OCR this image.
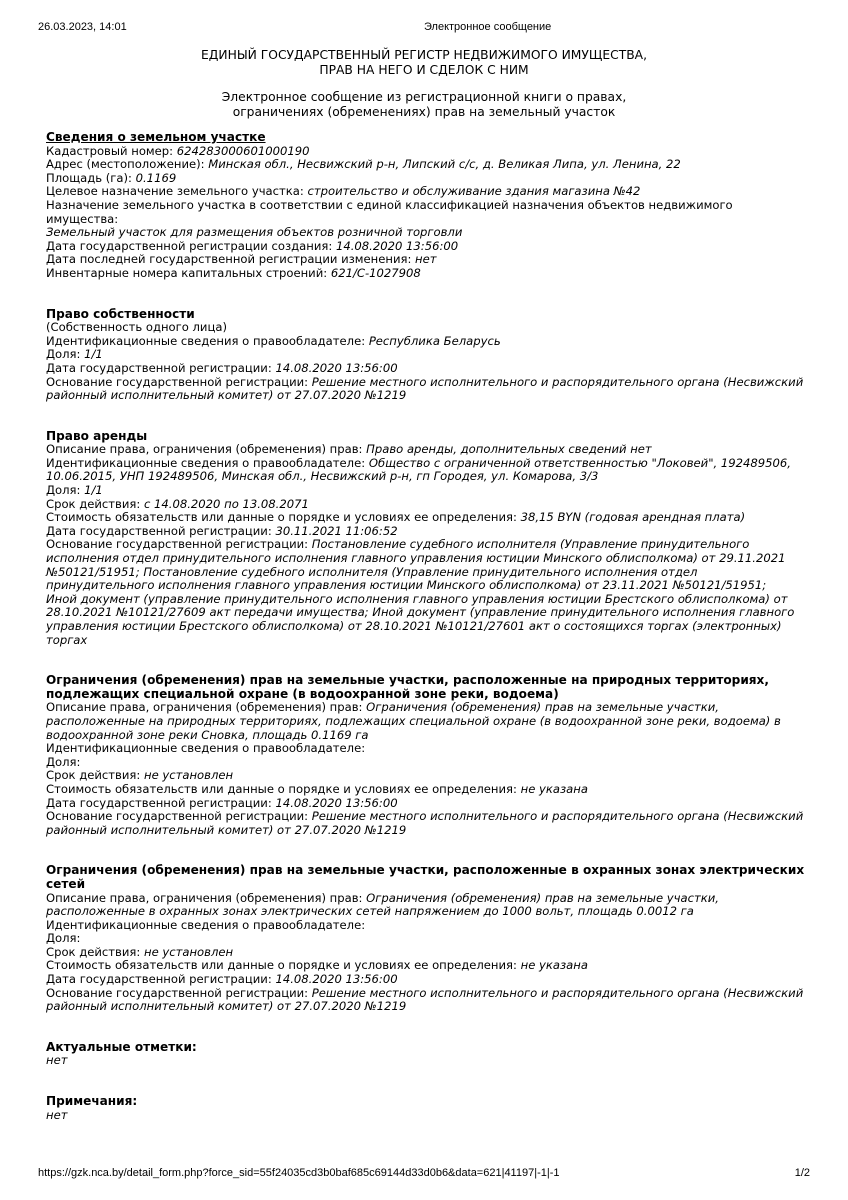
26.03.2023, 14:01	Электронное сообщение
ЕДИНЫЙ ГОСУДАРСТВЕННЫЙ РЕГИСТР НЕДВИЖИМОГО ИМУЩЕСТВА,
ПРАВ НА НЕГО И СДЕЛОК С НИМ
Электронное сообщение из регистрационной книги о правах,
ограничениях (обременениях) прав на земельный участок
Сведения о земельном участке
Кадастровый номер: 624283000601000190
Адрес (местоположение): Минская обл., Несвижский р-н, Липский с/с, д. Великая Липа, ул. Ленина, 22
Площадь (га): 0.1169
Целевое назначение земельного участка: строительство и обслуживание здания магазина №42
Назначение земельного участка в соответствии с единой классификацией назначения объектов недвижимого имущества:
Земельный участок для размещения объектов розничной торговли
Дата государственной регистрации создания: 14.08.2020 13:56:00
Дата последней государственной регистрации изменения: нет
Инвентарные номера капитальных строений: 621/C-1027908
Право собственности
(Собственность одного лица)
Идентификационные сведения о правообладателе: Республика Беларусь
Доля: 1/1
Дата государственной регистрации: 14.08.2020 13:56:00
Основание государственной регистрации: Решение местного исполнительного и распорядительного органа (Несвижский
районный исполнительный комитет) от 27.07.2020 №1219
Право аренды
Описание права, ограничения (обременения) прав: Право аренды, дополнительных сведений нет
Идентификационные сведения о правообладателе: Общество с ограниченной ответственностью "Локовей", 192489506,
10.06.2015, УНП 192489506, Минская обл., Несвижский р-н, гп Городея, ул. Комарова, 3/3
Доля: 1/1
Срок действия: с 14.08.2020 по 13.08.2071
Стоимость обязательств или данные о порядке и условиях ее определения: 38,15 BYN (годовая арендная плата)
Дата государственной регистрации: 30.11.2021 11:06:52
Основание государственной регистрации: Постановление судебного исполнителя (Управление принудительного
исполнения отдел принудительного исполнения главного управления юстиции Минского облисполкома) от 29.11.2021
№50121/51951; Постановление судебного исполнителя (Управление принудительного исполнения отдел
принудительного исполнения главного управления юстиции Минского облисполкома) от 23.11.2021 №50121/51951;
Иной документ (управление принудительного исполнения главного управления юстиции Брестского облисполкома) от
28.10.2021 №10121/27609 акт передачи имущества; Иной документ (управление принудительного исполнения главного
управления юстиции Брестского облисполкома) от 28.10.2021 №10121/27601 акт о состоящихся торгах (электронных)
торгах
Ограничения (обременения) прав на земельные участки, расположенные на природных территориях,
подлежащих специальной охране (в водоохранной зоне реки, водоема)
Описание права, ограничения (обременения) прав: Ограничения (обременения) прав на земельные участки,
расположенные на природных территориях, подлежащих специальной охране (в водоохранной зоне реки, водоема) в
водоохранной зоне реки Сновка, площадь 0.1169 га
Идентификационные сведения о правообладателе:
Доля:
Срок действия: не установлен
Стоимость обязательств или данные о порядке и условиях ее определения: не указана
Дата государственной регистрации: 14.08.2020 13:56:00
Основание государственной регистрации: Решение местного исполнительного и распорядительного органа (Несвижский
районный исполнительный комитет) от 27.07.2020 №1219
Ограничения (обременения) прав на земельные участки, расположенные в охранных зонах электрических
сетей
Описание права, ограничения (обременения) прав: Ограничения (обременения) прав на земельные участки,
расположенные в охранных зонах электрических сетей напряжением до 1000 вольт, площадь 0.0012 га
Идентификационные сведения о правообладателе:
Доля:
Срок действия: не установлен
Стоимость обязательств или данные о порядке и условиях ее определения: не указана
Дата государственной регистрации: 14.08.2020 13:56:00
Основание государственной регистрации: Решение местного исполнительного и распорядительного органа (Несвижский
районный исполнительный комитет) от 27.07.2020 №1219
Актуальные отметки:
нет
Примечания:
нет
https://gzk.nca.by/detail_form.php?force_sid=55f24035cd3b0baf685c69144d33d0b6&data=621|41197|-1|-1	1/2
